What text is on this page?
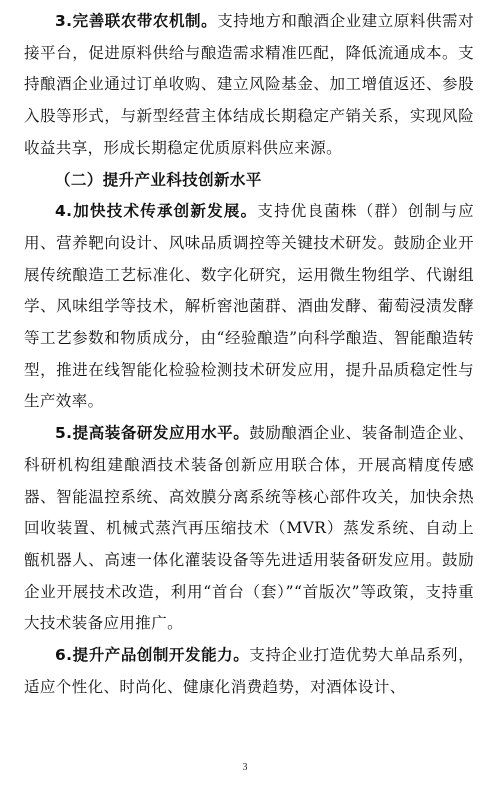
3.完善联农带农机制。支持地方和酿酒企业建立原料供需对接平台，促进原料供给与酿造需求精准匹配，降低流通成本。支持酿酒企业通过订单收购、建立风险基金、加工增值返还、参股入股等形式，与新型经营主体结成长期稳定产销关系，实现风险收益共享，形成长期稳定优质原料供应来源。

（二）提升产业科技创新水平

4.加快技术传承创新发展。支持优良菌株（群）创制与应用、营养靶向设计、风味品质调控等关键技术研发。鼓励企业开展传统酿造工艺标准化、数字化研究，运用微生物组学、代谢组学、风味组学等技术，解析窖池菌群、酒曲发酵、葡萄浸渍发酵等工艺参数和物质成分，由“经验酿造”向科学酿造、智能酿造转型，推进在线智能化检验检测技术研发应用，提升品质稳定性与生产效率。

5.提高装备研发应用水平。鼓励酿酒企业、装备制造企业、科研机构组建酿酒技术装备创新应用联合体，开展高精度传感器、智能温控系统、高效膜分离系统等核心部件攻关，加快余热回收装置、机械式蒸汽再压缩技术（MVR）蒸发系统、自动上甑机器人、高速一体化灌装设备等先进适用装备研发应用。鼓励企业开展技术改造，利用“首台（套）”“首版次”等政策，支持重大技术装备应用推广。

6.提升产品创制开发能力。支持企业打造优势大单品系列，适应个性化、时尚化、健康化消费趋势，对酒体设计、

3
